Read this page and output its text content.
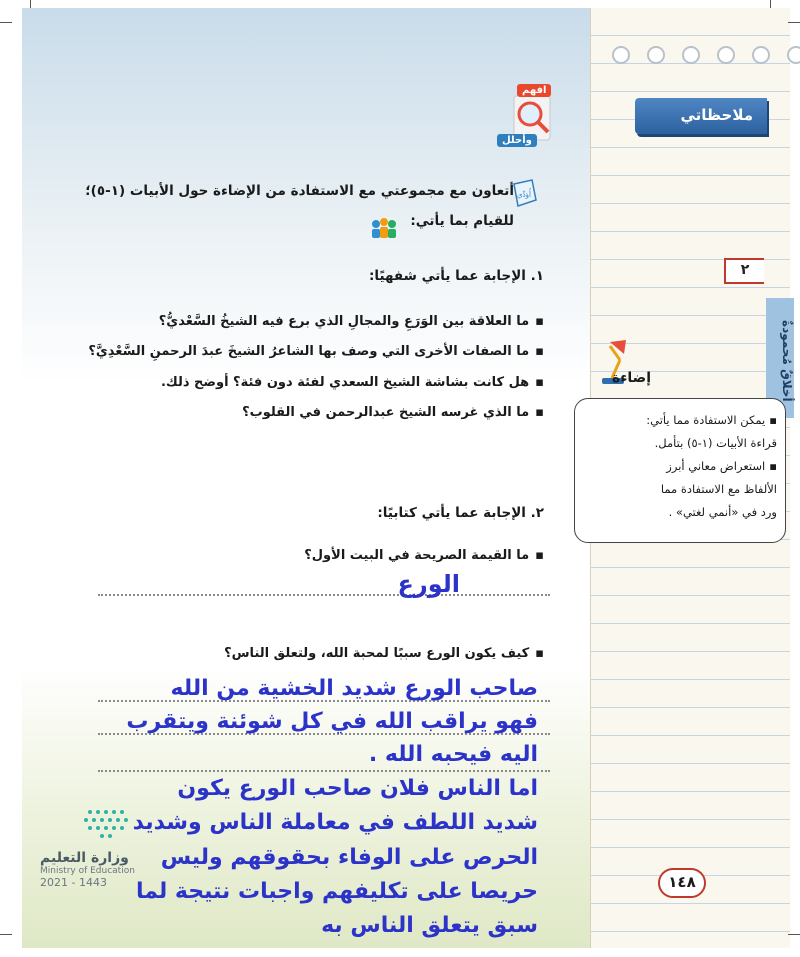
ملاحظاتي
٢
أخلاقٌ مُحمودةٌ
إضاءة
▪ يمكن الاستفادة مما يأتي:
قراءة الأبيات (١-٥) بتأمل.
▪ استعراض معاني أبرز
الألفاظ مع الاستفادة مما
ورد في «أنمي لغتي» .
افهم
وأحلل
أُؤدِّي
أتعاون مع مجموعتي مع الاستفادة من الإضاءة حول الأبيات (١-٥)؛
للقيام بما يأتي:
١. الإجابة عما يأتي شفهيًا:
▪ ما العلاقة بين الوَرَعِ والمجالِ الذي برع فيه الشيخُ السَّعْديُّ؟
▪ ما الصفات الأخرى التي وصف بها الشاعرُ الشيخَ عبدَ الرحمنِ السَّعْدِيَّ؟
▪ هل كانت بشاشة الشيخ السعدي لفئة دون فئة؟ أوضح ذلك.
▪ ما الذي غرسه الشيخ عبدالرحمن في القلوب؟
٢. الإجابة عما يأتي كتابيًا:
▪ ما القيمة الصريحة في البيت الأول؟
الورع
▪ كيف يكون الورع سببًا لمحبة الله، ولتعلق الناس؟
صاحب الورع شديد الخشية من الله
فهو يراقب الله في كل شوئنة ويتقرب
اليه فيحبه الله .
اما الناس فلان صاحب الورع يكون
شديد اللطف في معاملة الناس وشديد
الحرص على الوفاء بحقوقهم وليس
حريصا على تكليفهم واجبات نتيجة لما
سبق يتعلق الناس به
وزارة التعليم
Ministry of Education
2021 - 1443	١٤٨
